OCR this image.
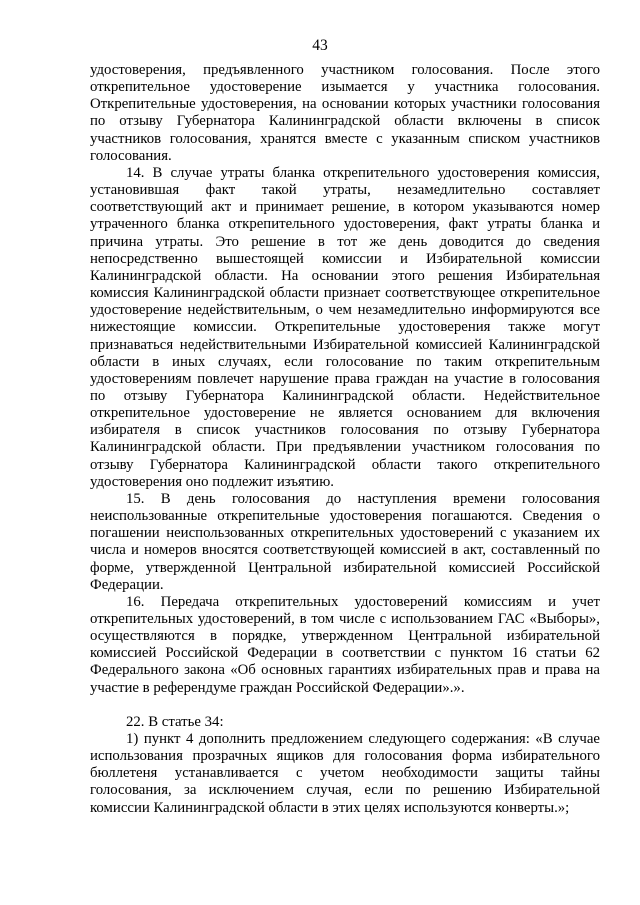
43

удостоверения, предъявленного участником голосования. После этого открепительное удостоверение изымается у участника голосования. Открепительные удостоверения, на основании которых участники голосования по отзыву Губернатора Калининградской области включены в список участников голосования, хранятся вместе с указанным списком участников голосования.

14. В случае утраты бланка открепительного удостоверения комиссия, установившая факт такой утраты, незамедлительно составляет соответствующий акт и принимает решение, в котором указываются номер утраченного бланка открепительного удостоверения, факт утраты бланка и причина утраты. Это решение в тот же день доводится до сведения непосредственно вышестоящей комиссии и Избирательной комиссии Калининградской области. На основании этого решения Избирательная комиссия Калининградской области признает соответствующее открепительное удостоверение недействительным, о чем незамедлительно информируются все нижестоящие комиссии. Открепительные удостоверения также могут признаваться недействительными Избирательной комиссией Калининградской области в иных случаях, если голосование по таким открепительным удостоверениям повлечет нарушение права граждан на участие в голосования по отзыву Губернатора Калининградской области. Недействительное открепительное удостоверение не является основанием для включения избирателя в список участников голосования по отзыву Губернатора Калининградской области. При предъявлении участником голосования по отзыву Губернатора Калининградской области такого открепительного удостоверения оно подлежит изъятию.

15. В день голосования до наступления времени голосования неиспользованные открепительные удостоверения погашаются. Сведения о погашении неиспользованных открепительных удостоверений с указанием их числа и номеров вносятся соответствующей комиссией в акт, составленный по форме, утвержденной Центральной избирательной комиссией Российской Федерации.

16. Передача открепительных удостоверений комиссиям и учет открепительных удостоверений, в том числе с использованием ГАС «Выборы», осуществляются в порядке, утвержденном Центральной избирательной комиссией Российской Федерации в соответствии с пунктом 16 статьи 62 Федерального закона «Об основных гарантиях избирательных прав и права на участие в референдуме граждан Российской Федерации».».

22. В статье 34:

1) пункт 4 дополнить предложением следующего содержания: «В случае использования прозрачных ящиков для голосования форма избирательного бюллетеня устанавливается с учетом необходимости защиты тайны голосования, за исключением случая, если по решению Избирательной комиссии Калининградской области в этих целях используются конверты.»;
